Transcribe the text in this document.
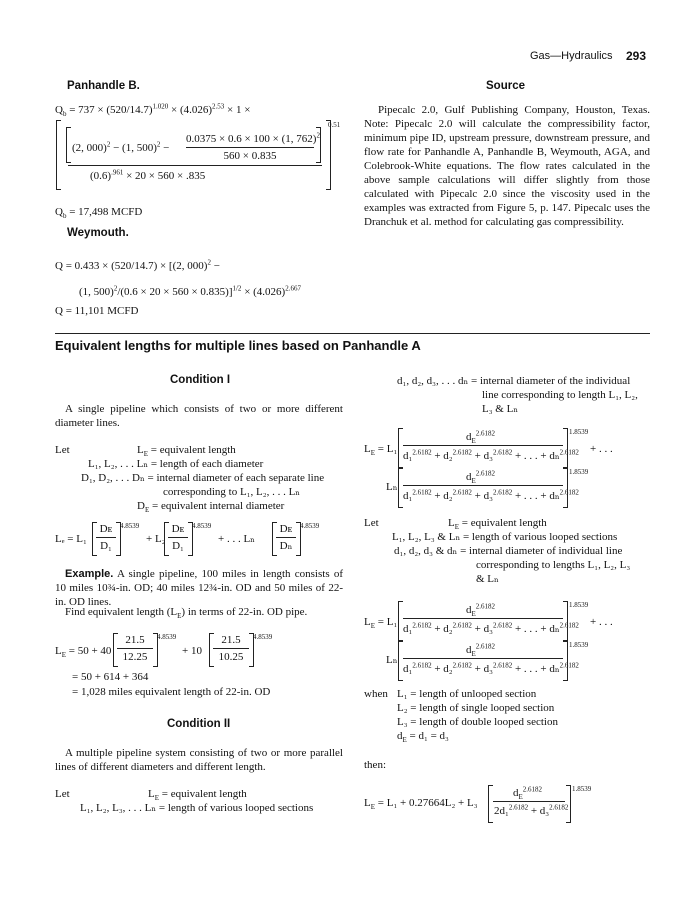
Gas—Hydraulics 293
Panhandle B.
$Q_b = 737 \times (520/14.7)^{1.020} \times (4.026)^{2.53} \times 1$ ×
0.51
(2, 000)$^2$ − (1, 500)$^2$ −
0.0375 × 0.6 × 100 × (1, 762)$^2$
560 × 0.835
$(0.6)^{.961} \times 20 \times 560 \times .835$
$Q_b = 17,498$ MCFD
Weymouth.
Q = 0.433 × (520/14.7) × [(2, 000)$^2$ −
(1, $500)^2/(0.6 \times 20 \times 560 \times 0.835)]^{1/2} \times (4.026)^{2.667}$
Q = 11,101 MCFD
Source
Pipecalc 2.0, Gulf Publishing Company, Houston, Texas. Note: Pipecalc 2.0 will calculate the compressibility factor, minimum pipe ID, upstream pressure, downstream pressure, and flow rate for Panhandle A, Panhandle B, Weymouth, AGA, and Colebrook-White equations. The flow rates calculated in the above sample calculations will differ slightly from those calculated with Pipecalc 2.0 since the viscosity used in the examples was extracted from Figure 5, p. 147. Pipecalc uses the Dranchuk et al. method for calculating gas compressibility.
Equivalent lengths for multiple lines based on Panhandle A
Condition I
A single pipeline which consists of two or more different diameter lines.
Let	$L_E$ = equivalent length
L₁, L₂, . . . Lₙ = length of each diameter
D₁, D₂, . . . Dₙ = internal diameter of each separate line
corresponding to L₁, L₂, . . . Lₙ
$D_E$ = equivalent internal diameter
Lₑ = L₁
Dᴇ
D₁
4.8539
+ L₂
Dᴇ
D₁
4.8539
+ . . . Lₙ
Dᴇ
Dₙ
4.8539
Example. A single pipeline, 100 miles in length consists of 10 miles 10¾-in. OD; 40 miles 12¾-in. OD and 50 miles of 22-in. OD lines.
Find equivalent length $(L_E)$ in terms of 22-in. OD pipe.
$L_E = 50 + 40$
21.5
12.25
4.8539
+ 10
21.5
10.25
4.8539
= 50 + 614 + 364
= 1,028 miles equivalent length of 22-in. OD
Condition II
A multiple pipeline system consisting of two or more parallel lines of different diameters and different length.
Let	$L_E$ = equivalent length
L₁, L₂, L₃, . . . Lₙ = length of various looped sections
d₁, d₂, d₃, . . . dₙ = internal diameter of the individual
line corresponding to length L₁, L₂,
L₃ & Lₙ
$L_E = L_1$
$d_E^{2.6182}$
d₁$^{2.6182}$ + d₂$^{2.6182}$ + d₃$^{2.6182}$ + . . . + dₙ$^{2.6182}$
1.8539
+ . . .
Lₙ
$d_E^{2.6182}$
d₁$^{2.6182}$ + d₂$^{2.6182}$ + d₃$^{2.6182}$ + . . . + dₙ$^{2.6182}$
1.8539
Let	$L_E$ = equivalent length
L₁, L₂, L₃ & Lₙ = length of various looped sections
d₁, d₂, d₃ & dₙ = internal diameter of individual line
corresponding to lengths L₁, L₂, L₃
& Lₙ
$L_E = L_1$
$d_E^{2.6182}$
d₁$^{2.6182}$ + d₂$^{2.6182}$ + d₃$^{2.6182}$ + . . . + dₙ$^{2.6182}$
1.8539
+ . . .
Lₙ
$d_E^{2.6182}$
d₁$^{2.6182}$ + d₂$^{2.6182}$ + d₃$^{2.6182}$ + . . . + dₙ$^{2.6182}$
1.8539
when L₁ = length of unlooped section
L₂ = length of single looped section
L₃ = length of double looped section
$d_E = d_1 = d_3$
then:
$L_E = L_1 + 0.27664L_2 + L_3$
$d_E^{2.6182}$
2d₁$^{2.6182}$ + d₃$^{2.6182}$
1.8539
